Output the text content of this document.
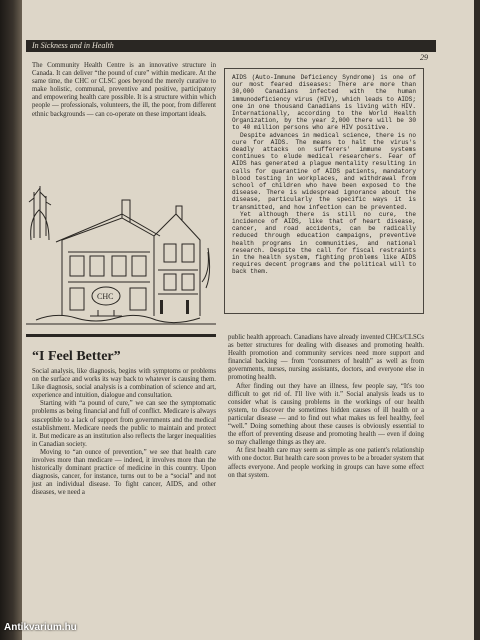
In Sickness and in Health
29

The Community Health Centre is an innovative structure in Canada. It can deliver “the pound of cure” within medicare. At the same time, the CHC or CLSC goes beyond the merely curative to make holistic, communal, preventive and positive, participatory and empowering health care possible. It is a structure within which people — professionals, volunteers, the ill, the poor, from different ethnic backgrounds — can co-operate on these important ideals.

AIDS (Auto-Immune Deficiency Syndrome) is one of our most feared diseases: There are more than 30,000 Canadians infected with the human immunodeficiency virus (HIV), which leads to AIDS; one in one thousand Canadians is living with HIV. Internationally, according to the World Health Organization, by the year 2,000 there will be 30 to 40 million persons who are HIV positive.

Despite advances in medical science, there is no cure for AIDS. The means to halt the virus's deadly attacks on sufferers' immune systems continues to elude medical researchers. Fear of AIDS has generated a plague mentality resulting in calls for quarantine of AIDS patients, mandatory blood testing in workplaces, and withdrawal from school of children who have been exposed to the disease. There is widespread ignorance about the disease, particularly the specific ways it is transmitted, and how infection can be prevented.

Yet although there is still no cure, the incidence of AIDS, like that of heart disease, cancer, and road accidents, can be radically reduced through education campaigns, preventive health programs in communities, and national research. Despite the call for fiscal restraints in the health system, fighting problems like AIDS requires decent programs and the political will to back them.

CHC
“I Feel Better”

Social analysis, like diagnosis, begins with symptoms or problems on the surface and works its way back to whatever is causing them. Like diagnosis, social analysis is a combination of science and art, experience and intuition, dialogue and consultation.

Starting with “a pound of cure,” we can see the symptomatic problems as being financial and full of conflict. Medicare is always susceptible to a lack of support from governments and the medical establishment. Medicare needs the public to maintain and protect it. But medicare as an institution also reflects the larger inequalities in Canadian society.

Moving to “an ounce of prevention,” we see that health care involves more than medicare — indeed, it involves more than the historically dominant practice of medicine in this country. Upon diagnosis, cancer, for instance, turns out to be a “social” and not just an individual disease. To fight cancer, AIDS, and other diseases, we need a

public health approach. Canadians have already invented CHCs/CLSCs as better structures for dealing with diseases and promoting health. Health promotion and community services need more support and financial backing — from “consumers of health” as well as from governments, nurses, nursing assistants, doctors, and everyone else in promoting health.

After finding out they have an illness, few people say, “It's too difficult to get rid of. I'll live with it.” Social analysis leads us to consider what is causing problems in the workings of our health system, to discover the sometimes hidden causes of ill health or a particular disease — and to find out what makes us feel healthy, feel “well.” Doing something about these causes is obviously essential to the effort of preventing disease and promoting health — even if doing so may challenge things as they are.

At first health care may seem as simple as one patient's relationship with one doctor. But health care soon proves to be a broader system that affects everyone. And people working in groups can have some effect on that system.

Antikvarium.hu
